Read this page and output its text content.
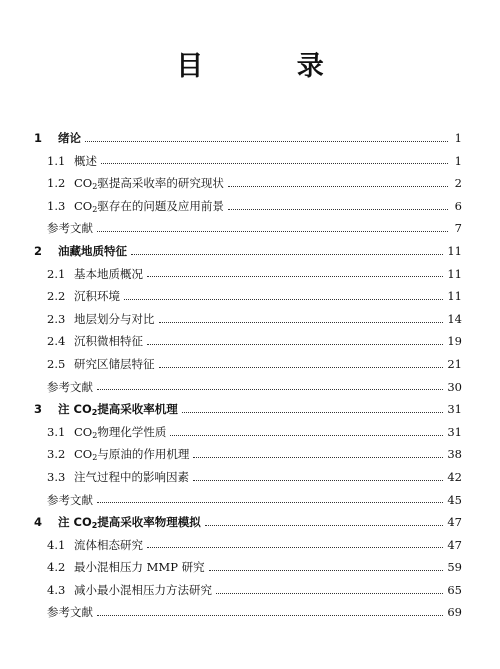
目 录
1	绪论	1
1.1 概述	1
1.2 $CO_2$驱提高采收率的研究现状	2
1.3 $CO_2$驱存在的问题及应用前景	6
参考文献	7
2	油藏地质特征	11
2.1 基本地质概况	11
2.2 沉积环境	11
2.3 地层划分与对比	14
2.4 沉积微相特征	19
2.5 研究区储层特征	21
参考文献	30
3	注 $CO_2$提高采收率机理	31
3.1 $CO_2$物理化学性质	31
3.2 $CO_2$与原油的作用机理	38
3.3 注气过程中的影响因素	42
参考文献	45
4	注 $CO_2$提高采收率物理模拟	47
4.1 流体相态研究	47
4.2 最小混相压力 MMP 研究	59
4.3 减小最小混相压力方法研究	65
参考文献	69
